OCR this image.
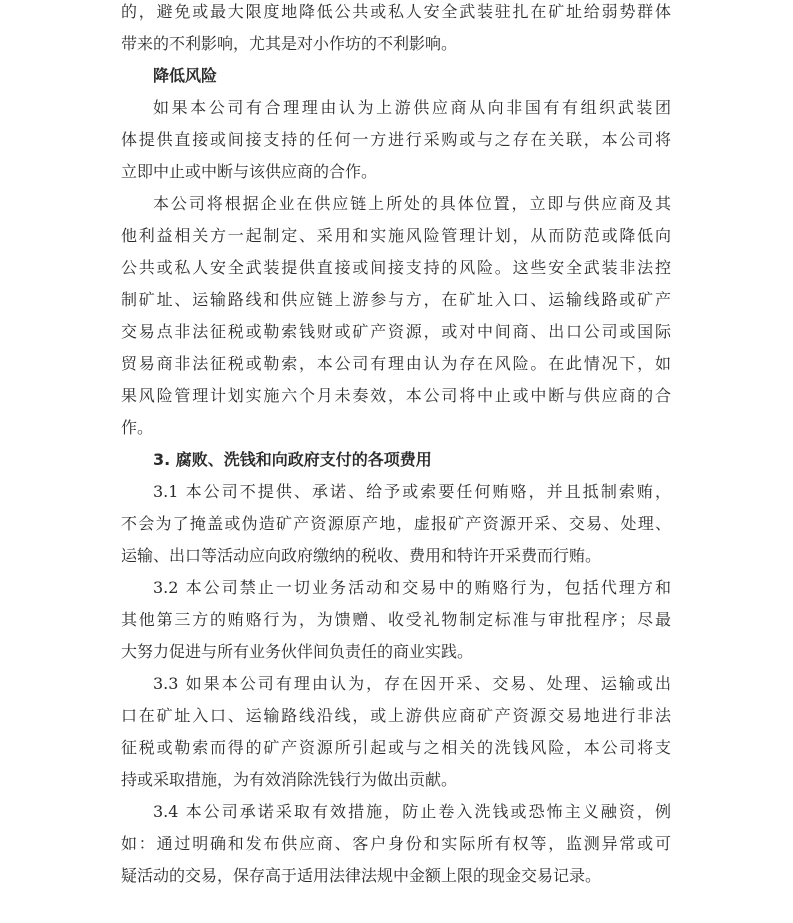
的，避免或最大限度地降低公共或私人安全武装驻扎在矿址给弱势群体
带来的不利影响，尤其是对小作坊的不利影响。
降低风险
如果本公司有合理理由认为上游供应商从向非国有有组织武装团
体提供直接或间接支持的任何一方进行采购或与之存在关联，本公司将
立即中止或中断与该供应商的合作。
本公司将根据企业在供应链上所处的具体位置，立即与供应商及其
他利益相关方一起制定、采用和实施风险管理计划，从而防范或降低向
公共或私人安全武装提供直接或间接支持的风险。这些安全武装非法控
制矿址、运输路线和供应链上游参与方，在矿址入口、运输线路或矿产
交易点非法征税或勒索钱财或矿产资源，或对中间商、出口公司或国际
贸易商非法征税或勒索，本公司有理由认为存在风险。在此情况下，如
果风险管理计划实施六个月未奏效，本公司将中止或中断与供应商的合
作。
3. 腐败、洗钱和向政府支付的各项费用
3.1 本公司不提供、承诺、给予或索要任何贿赂，并且抵制索贿，
不会为了掩盖或伪造矿产资源原产地，虚报矿产资源开采、交易、处理、
运输、出口等活动应向政府缴纳的税收、费用和特许开采费而行贿。
3.2 本公司禁止一切业务活动和交易中的贿赂行为，包括代理方和
其他第三方的贿赂行为，为馈赠、收受礼物制定标准与审批程序；尽最
大努力促进与所有业务伙伴间负责任的商业实践。
3.3 如果本公司有理由认为，存在因开采、交易、处理、运输或出
口在矿址入口、运输路线沿线，或上游供应商矿产资源交易地进行非法
征税或勒索而得的矿产资源所引起或与之相关的洗钱风险，本公司将支
持或采取措施，为有效消除洗钱行为做出贡献。
3.4 本公司承诺采取有效措施，防止卷入洗钱或恐怖主义融资，例
如：通过明确和发布供应商、客户身份和实际所有权等，监测异常或可
疑活动的交易，保存高于适用法律法规中金额上限的现金交易记录。
